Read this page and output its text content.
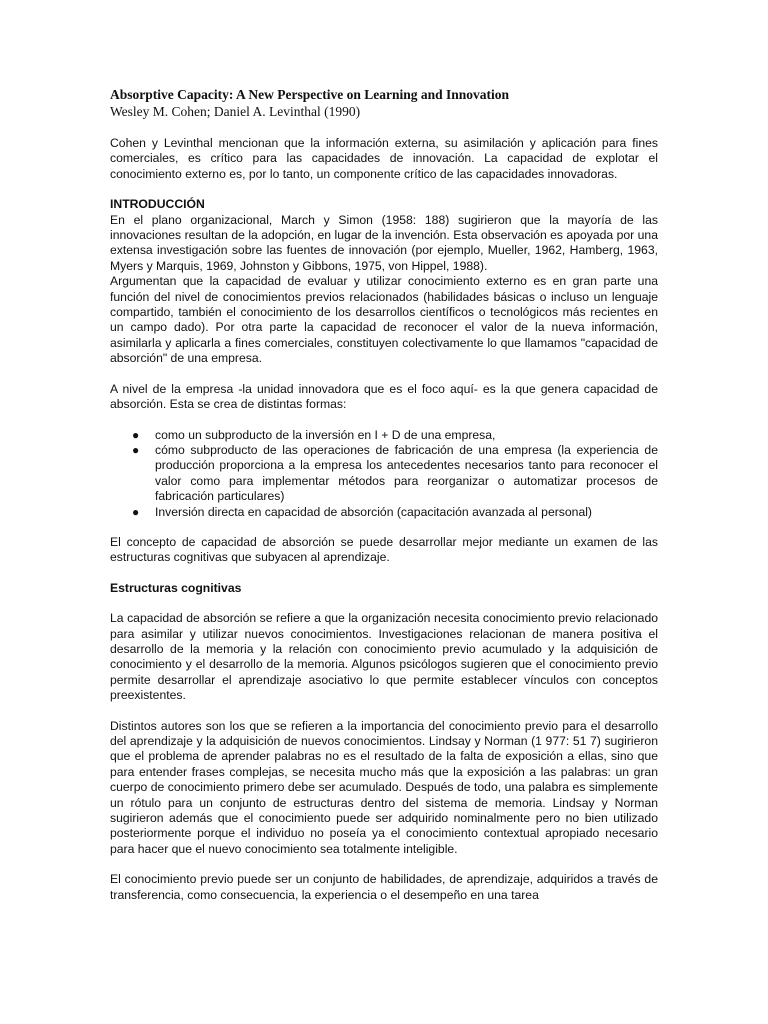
Absorptive Capacity: A New Perspective on Learning and Innovation
Wesley M. Cohen; Daniel A. Levinthal (1990)

Cohen y Levinthal mencionan que la información externa, su asimilación y aplicación para fines comerciales, es crítico para las capacidades de innovación. La capacidad de explotar el conocimiento externo es, por lo tanto, un componente crítico de las capacidades innovadoras.

INTRODUCCIÓN

En el plano organizacional, March y Simon (1958: 188) sugirieron que la mayoría de las innovaciones resultan de la adopción, en lugar de la invención. Esta observación es apoyada por una extensa investigación sobre las fuentes de innovación (por ejemplo, Mueller, 1962, Hamberg, 1963, Myers y Marquis, 1969, Johnston y Gibbons, 1975, von Hippel, 1988).

Argumentan que la capacidad de evaluar y utilizar conocimiento externo es en gran parte una función del nivel de conocimientos previos relacionados (habilidades básicas o incluso un lenguaje compartido, también el conocimiento de los desarrollos científicos o tecnológicos más recientes en un campo dado). Por otra parte la capacidad de reconocer el valor de la nueva información, asimilarla y aplicarla a fines comerciales, constituyen colectivamente lo que llamamos "capacidad de absorción" de una empresa.

A nivel de la empresa -la unidad innovadora que es el foco aquí- es la que genera capacidad de absorción. Esta se crea de distintas formas:

● como un subproducto de la inversión en I + D de una empresa,
● cómo subproducto de las operaciones de fabricación de una empresa (la experiencia de producción proporciona a la empresa los antecedentes necesarios tanto para reconocer el valor como para implementar métodos para reorganizar o automatizar procesos de fabricación particulares)
● Inversión directa en capacidad de absorción (capacitación avanzada al personal)

El concepto de capacidad de absorción se puede desarrollar mejor mediante un examen de las estructuras cognitivas que subyacen al aprendizaje.

Estructuras cognitivas

La capacidad de absorción se refiere a que la organización necesita conocimiento previo relacionado para asimilar y utilizar nuevos conocimientos. Investigaciones relacionan de manera positiva el desarrollo de la memoria y la relación con conocimiento previo acumulado y la adquisición de conocimiento y el desarrollo de la memoria. Algunos psicólogos sugieren que el conocimiento previo permite desarrollar el aprendizaje asociativo lo que permite establecer vínculos con conceptos preexistentes.

Distintos autores son los que se refieren a la importancia del conocimiento previo para el desarrollo del aprendizaje y la adquisición de nuevos conocimientos. Lindsay y Norman (1 977: 51 7) sugirieron que el problema de aprender palabras no es el resultado de la falta de exposición a ellas, sino que para entender frases complejas, se necesita mucho más que la exposición a las palabras: un gran cuerpo de conocimiento primero debe ser acumulado. Después de todo, una palabra es simplemente un rótulo para un conjunto de estructuras dentro del sistema de memoria. Lindsay y Norman sugirieron además que el conocimiento puede ser adquirido nominalmente pero no bien utilizado posteriormente porque el individuo no poseía ya el conocimiento contextual apropiado necesario para hacer que el nuevo conocimiento sea totalmente inteligible.

El conocimiento previo puede ser un conjunto de habilidades, de aprendizaje, adquiridos a través de transferencia, como consecuencia, la experiencia o el desempeño en una tarea
